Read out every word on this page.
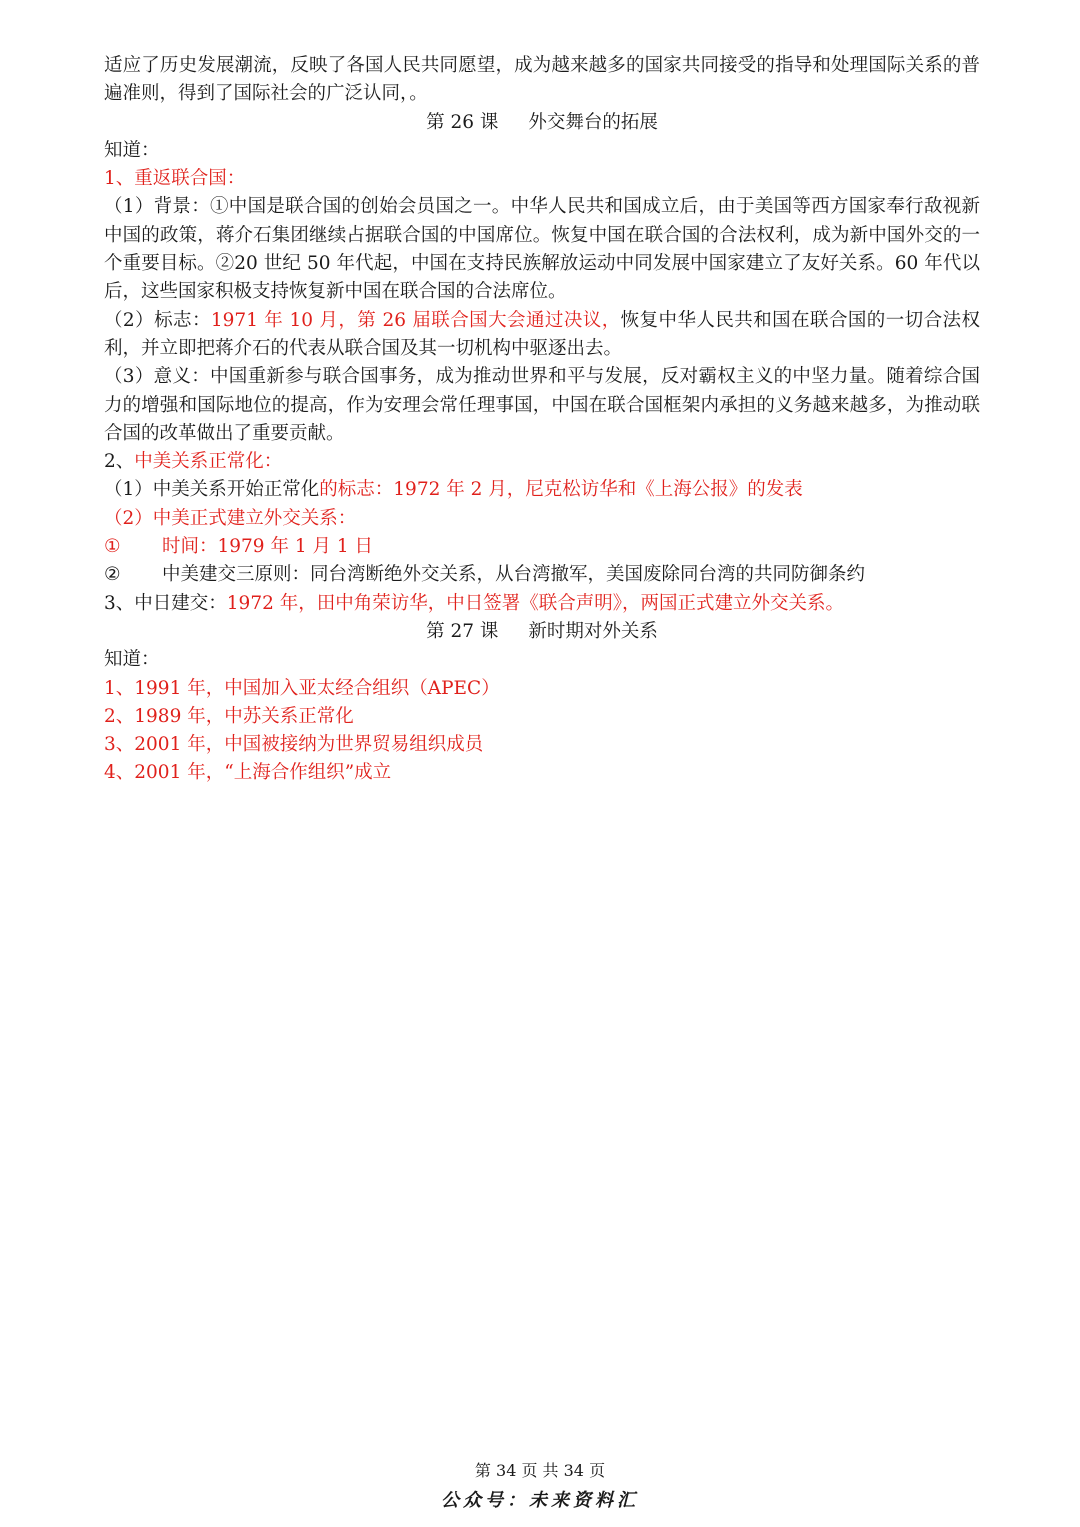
适应了历史发展潮流，反映了各国人民共同愿望，成为越来越多的国家共同接受的指导和处理国际关系的普遍准则，得到了国际社会的广泛认同，。
第 26 课 外交舞台的拓展
知道：
1、重返联合国：
（1）背景：①中国是联合国的创始会员国之一。中华人民共和国成立后，由于美国等西方国家奉行敌视新中国的政策，蒋介石集团继续占据联合国的中国席位。恢复中国在联合国的合法权利，成为新中国外交的一个重要目标。②20 世纪 50 年代起，中国在支持民族解放运动中同发展中国家建立了友好关系。60 年代以后，这些国家积极支持恢复新中国在联合国的合法席位。
（2）标志：1971 年 10 月，第 26 届联合国大会通过决议，恢复中华人民共和国在联合国的一切合法权利，并立即把蒋介石的代表从联合国及其一切机构中驱逐出去。
（3）意义：中国重新参与联合国事务，成为推动世界和平与发展，反对霸权主义的中坚力量。随着综合国力的增强和国际地位的提高，作为安理会常任理事国，中国在联合国框架内承担的义务越来越多，为推动联合国的改革做出了重要贡献。
2、中美关系正常化：
（1）中美关系开始正常化的标志：1972 年 2 月，尼克松访华和《上海公报》的发表
（2）中美正式建立外交关系：
① 时间：1979 年 1 月 1 日
② 中美建交三原则：同台湾断绝外交关系，从台湾撤军，美国废除同台湾的共同防御条约
3、中日建交：1972 年，田中角荣访华，中日签署《联合声明》，两国正式建立外交关系。
第 27 课 新时期对外关系
知道：
1、1991 年，中国加入亚太经合组织（APEC）
2、1989 年，中苏关系正常化
3、2001 年，中国被接纳为世界贸易组织成员
4、2001 年，“上海合作组织”成立
第 34 页 共 34 页
公众号：未来资料汇
